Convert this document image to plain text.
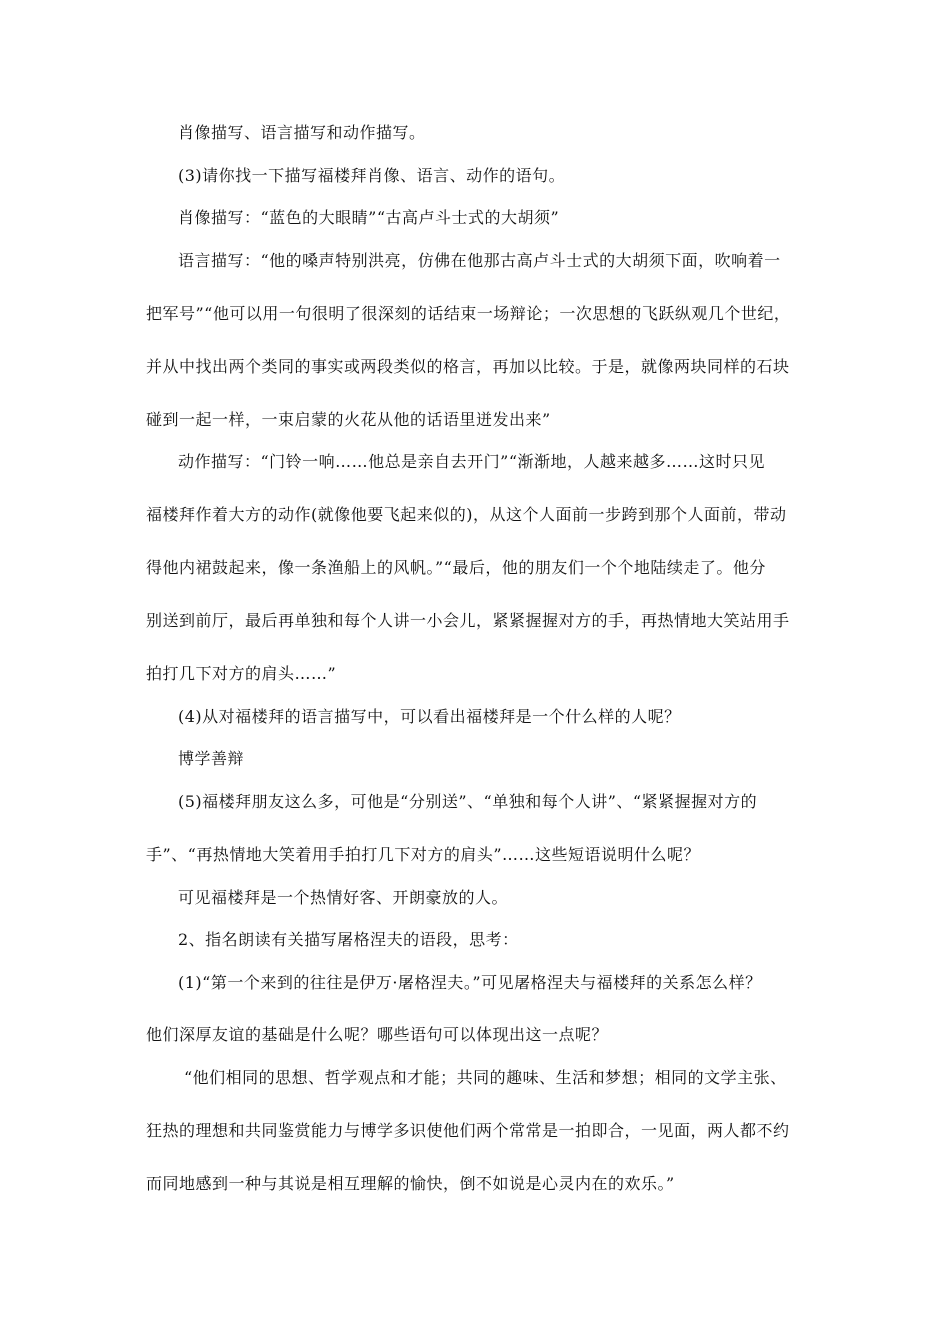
肖像描写、语言描写和动作描写。
(3)请你找一下描写福楼拜肖像、语言、动作的语句。
肖像描写：“蓝色的大眼睛”“古高卢斗士式的大胡须”
语言描写：“他的嗓声特别洪亮，仿佛在他那古高卢斗士式的大胡须下面，吹响着一
把军号”“他可以用一句很明了很深刻的话结束一场辩论；一次思想的飞跃纵观几个世纪，
并从中找出两个类同的事实或两段类似的格言，再加以比较。于是，就像两块同样的石块
碰到一起一样，一束启蒙的火花从他的话语里迸发出来”
动作描写：“门铃一响……他总是亲自去开门”“渐渐地，人越来越多……这时只见
福楼拜作着大方的动作(就像他要飞起来似的)，从这个人面前一步跨到那个人面前，带动
得他内裙鼓起来，像一条渔船上的风帆。”“最后，他的朋友们一个个地陆续走了。他分
别送到前厅，最后再单独和每个人讲一小会儿，紧紧握握对方的手，再热情地大笑站用手
拍打几下对方的肩头……”
(4)从对福楼拜的语言描写中，可以看出福楼拜是一个什么样的人呢？
博学善辩
(5)福楼拜朋友这么多，可他是“分别送”、“单独和每个人讲”、“紧紧握握对方的
手”、“再热情地大笑着用手拍打几下对方的肩头”……这些短语说明什么呢？
可见福楼拜是一个热情好客、开朗豪放的人。
2、指名朗读有关描写屠格涅夫的语段，思考：
(1)“第一个来到的往往是伊万·屠格涅夫。”可见屠格涅夫与福楼拜的关系怎么样？
他们深厚友谊的基础是什么呢？哪些语句可以体现出这一点呢？
“他们相同的思想、哲学观点和才能；共同的趣味、生活和梦想；相同的文学主张、
狂热的理想和共同鉴赏能力与博学多识使他们两个常常是一拍即合，一见面，两人都不约
而同地感到一种与其说是相互理解的愉快，倒不如说是心灵内在的欢乐。”
